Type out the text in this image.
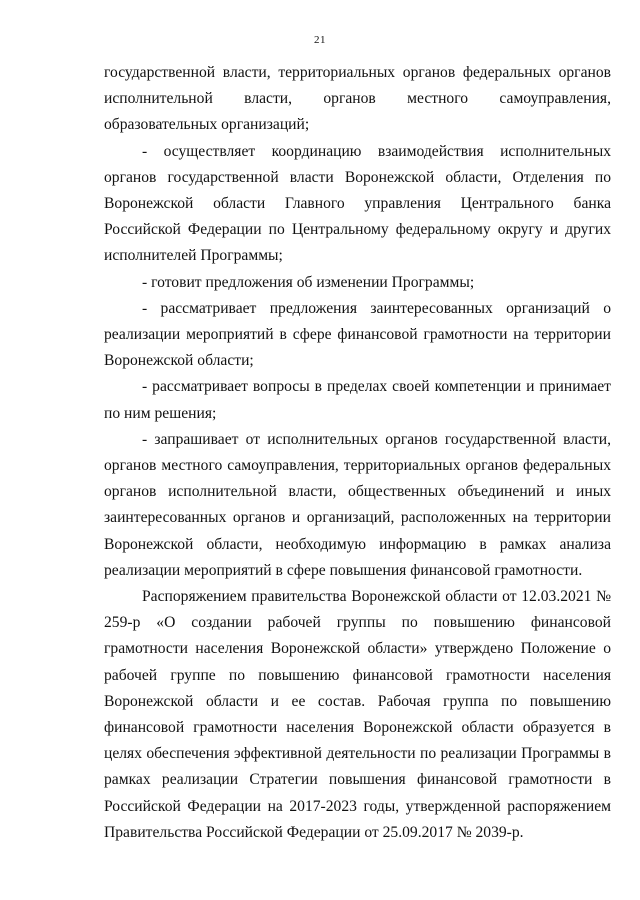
21

государственной власти, территориальных органов федеральных органов исполнительной власти, органов местного самоуправления, образовательных организаций;

- осуществляет координацию взаимодействия исполнительных органов государственной власти Воронежской области, Отделения по Воронежской области Главного управления Центрального банка Российской Федерации по Центральному федеральному округу и других исполнителей Программы;

- готовит предложения об изменении Программы;

- рассматривает предложения заинтересованных организаций о реализации мероприятий в сфере финансовой грамотности на территории Воронежской области;

- рассматривает вопросы в пределах своей компетенции и принимает по ним решения;

- запрашивает от исполнительных органов государственной власти, органов местного самоуправления, территориальных органов федеральных органов исполнительной власти, общественных объединений и иных заинтересованных органов и организаций, расположенных на территории Воронежской области, необходимую информацию в рамках анализа реализации мероприятий в сфере повышения финансовой грамотности.

Распоряжением правительства Воронежской области от 12.03.2021 № 259-р «О создании рабочей группы по повышению финансовой грамотности населения Воронежской области» утверждено Положение о рабочей группе по повышению финансовой грамотности населения Воронежской области и ее состав. Рабочая группа по повышению финансовой грамотности населения Воронежской области образуется в целях обеспечения эффективной деятельности по реализации Программы в рамках реализации Стратегии повышения финансовой грамотности в Российской Федерации на 2017-2023 годы, утвержденной распоряжением Правительства Российской Федерации от 25.09.2017 № 2039-р.
